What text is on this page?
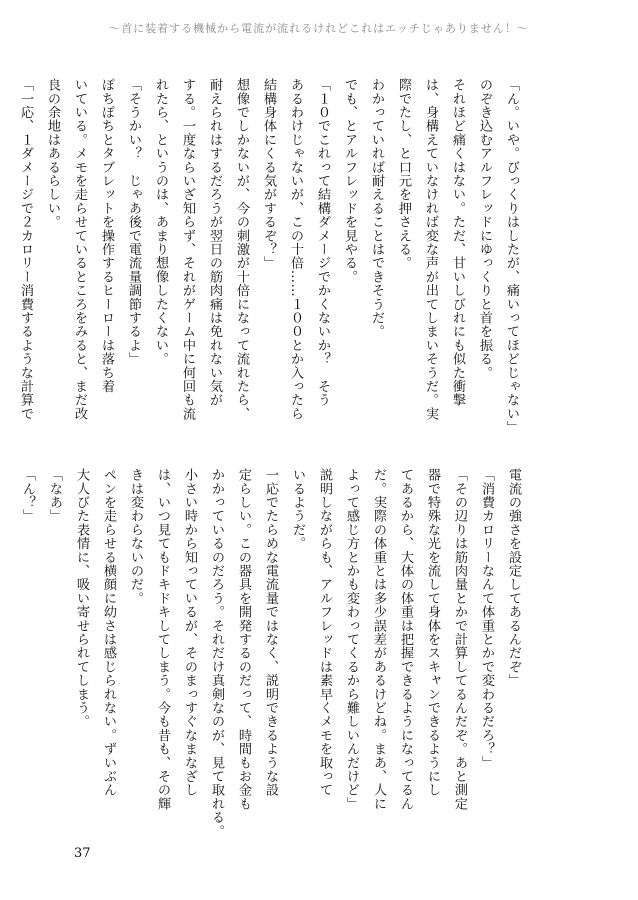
〜首に装着する機械から電流が流れるけれどこれはエッチじゃありません！〜
「ん。いや。びっくりはしたが、痛いってほどじゃない」
のぞき込むアルフレッドにゆっくりと首を振る。
それほど痛くはない。ただ、甘いしびれにも似た衝撃
は、身構えていなければ変な声が出てしまいそうだ。実
際でたし、と口元を押さえる。
わかっていれば耐えることはできそうだ。
でも、とアルフレッドを見やる。
「１０でこれって結構ダメージでかくないか？　そう
あるわけじゃないが、この十倍……１００とか入ったら
結構身体にくる気がするぞ？」
想像でしかないが、今の刺激が十倍になって流れたら、
耐えられはするだろうが翌日の筋肉痛は免れない気が
する。一度ならいざ知らず、それがゲーム中に何回も流
れたら、というのは、あまり想像したくない。
「そうかい？　じゃあ後で電流量調節するよ」
ぽちぽちとタブレットを操作するヒーローは落ち着
いている。メモを走らせているところをみると、まだ改
良の余地はあるらしい。
「一応、１ダメージで２カロリー消費するような計算で
電流の強さを設定してあるんだぞ」
「消費カロリーなんて体重とかで変わるだろ？」
「その辺りは筋肉量とかで計算してるんだぞ。あと測定
器で特殊な光を流して身体をスキャンできるようにし
てあるから、大体の体重は把握できるようになってるん
だ。実際の体重とは多少誤差があるけどね。まあ、人に
よって感じ方とかも変わってくるから難しいんだけど」
説明しながらも、アルフレッドは素早くメモを取って
いるようだ。
一応でたらめな電流量ではなく、説明できるような設
定らしい。この器具を開発するのだって、時間もお金も
かかっているのだろう。それだけ真剣なのが、見て取れる。
小さい時から知っているが、そのまっすぐなまなざし
は、いつ見てもドキドキしてしまう。今も昔も、その輝
きは変わらないのだ。
ペンを走らせる横顔に幼さは感じられない。ずいぶん
大人びた表情に、吸い寄せられてしまう。
「なあ」
「ん？」
37
